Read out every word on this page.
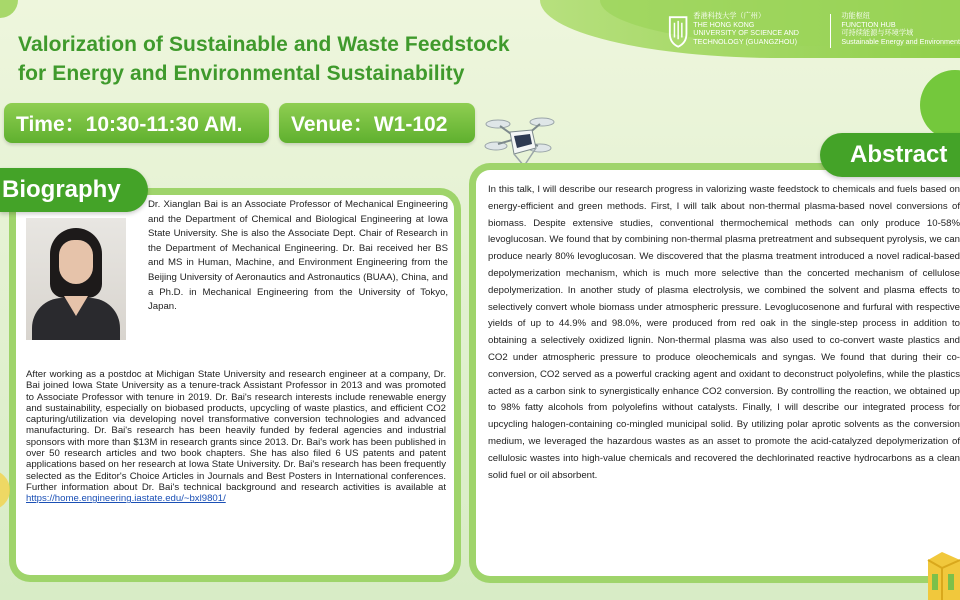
香港科技大学（广州）
THE HONG KONG
UNIVERSITY OF SCIENCE AND
TECHNOLOGY (GUANGZHOU)
功能枢纽
FUNCTION HUB
可持续能源与环境学域
Sustainable Energy and Environment
Valorization of Sustainable and Waste Feedstock
for Energy and Environmental Sustainability
Time：10:30-11:30 AM. Venue：W1-102
Biography
Abstract
Dr. Xianglan Bai is an Associate Professor of Mechanical Engineering and the Department of Chemical and Biological Engineering at Iowa State University. She is also the Associate Dept. Chair of Research in the Department of Mechanical Engineering. Dr. Bai received her BS and MS in Human, Machine, and Environment Engineering from the Beijing University of Aeronautics and Astronautics (BUAA), China, and a Ph.D. in Mechanical Engineering from the University of Tokyo, Japan.
After working as a postdoc at Michigan State University and research engineer at a company, Dr. Bai joined Iowa State University as a tenure-track Assistant Professor in 2013 and was promoted to Associate Professor with tenure in 2019. Dr. Bai's research interests include renewable energy and sustainability, especially on biobased products, upcycling of waste plastics, and efficient CO2 capturing/utilization via developing novel transformative conversion technologies and advanced manufacturing. Dr. Bai's research has been heavily funded by federal agencies and industrial sponsors with more than $13M in research grants since 2013. Dr. Bai's work has been published in over 50 research articles and two book chapters. She has also filed 6 US patents and patent applications based on her research at Iowa State University. Dr. Bai's research has been frequently selected as the Editor's Choice Articles in Journals and Best Posters in International conferences. Further information about Dr. Bai's technical background and research activities is available at https://home.engineering.iastate.edu/~bxl9801/
In this talk, I will describe our research progress in valorizing waste feedstock to chemicals and fuels based on energy-efficient and green methods. First, I will talk about non-thermal plasma-based novel conversions of biomass. Despite extensive studies, conventional thermochemical methods can only produce 10-58% levoglucosan. We found that by combining non-thermal plasma pretreatment and subsequent pyrolysis, we can produce nearly 80% levoglucosan. We discovered that the plasma treatment introduced a novel radical-based depolymerization mechanism, which is much more selective than the concerted mechanism of cellulose depolymerization. In another study of plasma electrolysis, we combined the solvent and plasma effects to selectively convert whole biomass under atmospheric pressure. Levoglucosenone and furfural with respective yields of up to 44.9% and 98.0%, were produced from red oak in the single-step process in addition to obtaining a selectively oxidized lignin. Non-thermal plasma was also used to co-convert waste plastics and CO2 under atmospheric pressure to produce oleochemicals and syngas. We found that during their co-conversion, CO2 served as a powerful cracking agent and oxidant to deconstruct polyolefins, while the plastics acted as a carbon sink to synergistically enhance CO2 conversion. By controlling the reaction, we obtained up to 98% fatty alcohols from polyolefins without catalysts. Finally, I will describe our integrated process for upcycling halogen-containing co-mingled municipal solid. By utilizing polar aprotic solvents as the conversion medium, we leveraged the hazardous wastes as an asset to promote the acid-catalyzed depolymerization of cellulosic wastes into high-value chemicals and recovered the dechlorinated reactive hydrocarbons as a clean solid fuel or oil absorbent.
